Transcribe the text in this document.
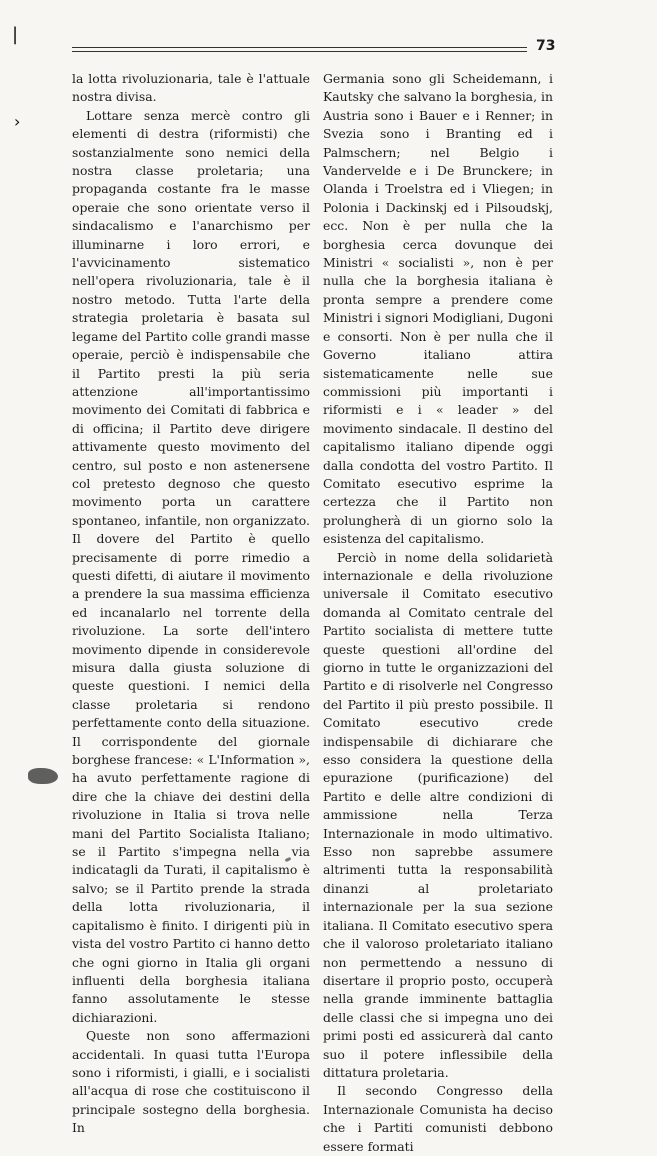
|
›
73

la lotta rivoluzionaria, tale è l'attuale nostra divisa.

Lottare senza mercè contro gli elementi di destra (riformisti) che sostanzialmente sono nemici della nostra classe proletaria; una propaganda costante fra le masse operaie che sono orientate verso il sindacalismo e l'anarchismo per illuminarne i loro errori, e l'avvicinamento sistematico nell'opera rivoluzionaria, tale è il nostro metodo. Tutta l'arte della strategia proletaria è basata sul legame del Partito colle grandi masse operaie, perciò è indispensabile che il Partito presti la più seria attenzione all'importantissimo movimento dei Comitati di fabbrica e di officina; il Partito deve dirigere attivamente questo movimento del centro, sul posto e non astenersene col pretesto degnoso che questo movimento porta un carattere spontaneo, infantile, non organizzato. Il dovere del Partito è quello precisamente di porre rimedio a questi difetti, di aiutare il movimento a prendere la sua massima efficienza ed incanalarlo nel torrente della rivoluzione. La sorte dell'intero movimento dipende in considerevole misura dalla giusta soluzione di queste questioni. I nemici della classe proletaria si rendono perfettamente conto della situazione. Il corrispondente del giornale borghese francese: « L'Information », ha avuto perfettamente ragione di dire che la chiave dei destini della rivoluzione in Italia si trova nelle mani del Partito Socialista Italiano; se il Partito s'impegna nella via indicatagli da Turati, il capitalismo è salvo; se il Partito prende la strada della lotta rivoluzionaria, il capitalismo è finito. I dirigenti più in vista del vostro Partito ci hanno detto che ogni giorno in Italia gli organi influenti della borghesia italiana fanno assolutamente le stesse dichiarazioni.

Queste non sono affermazioni accidentali. In quasi tutta l'Europa sono i riformisti, i gialli, e i socialisti all'acqua di rose che costituiscono il principale sostegno della borghesia. In

Germania sono gli Scheidemann, i Kautsky che salvano la borghesia, in Austria sono i Bauer e i Renner; in Svezia sono i Branting ed i Palmschern; nel Belgio i Vandervelde e i De Brunckere; in Olanda i Troelstra ed i Vliegen; in Polonia i Dackinskj ed i Pilsoudskj, ecc. Non è per nulla che la borghesia cerca dovunque dei Ministri « socialisti », non è per nulla che la borghesia italiana è pronta sempre a prendere come Ministri i signori Modigliani, Dugoni e consorti. Non è per nulla che il Governo italiano attira sistematicamente nelle sue commissioni più importanti i riformisti e i « leader » del movimento sindacale. Il destino del capitalismo italiano dipende oggi dalla condotta del vostro Partito. Il Comitato esecutivo esprime la certezza che il Partito non prolungherà di un giorno solo la esistenza del capitalismo.

Perciò in nome della solidarietà internazionale e della rivoluzione universale il Comitato esecutivo domanda al Comitato centrale del Partito socialista di mettere tutte queste questioni all'ordine del giorno in tutte le organizzazioni del Partito e di risolverle nel Congresso del Partito il più presto possibile. Il Comitato esecutivo crede indispensabile di dichiarare che esso considera la questione della epurazione (purificazione) del Partito e delle altre condizioni di ammissione nella Terza Internazionale in modo ultimativo. Esso non saprebbe assumere altrimenti tutta la responsabilità dinanzi al proletariato internazionale per la sua sezione italiana. Il Comitato esecutivo spera che il valoroso proletariato italiano non permettendo a nessuno di disertare il proprio posto, occuperà nella grande imminente battaglia delle classi che si impegna uno dei primi posti ed assicurerà dal canto suo il potere inflessibile della dittatura proletaria.

Il secondo Congresso della Internazionale Comunista ha deciso che i Partiti comunisti debbono essere formati
